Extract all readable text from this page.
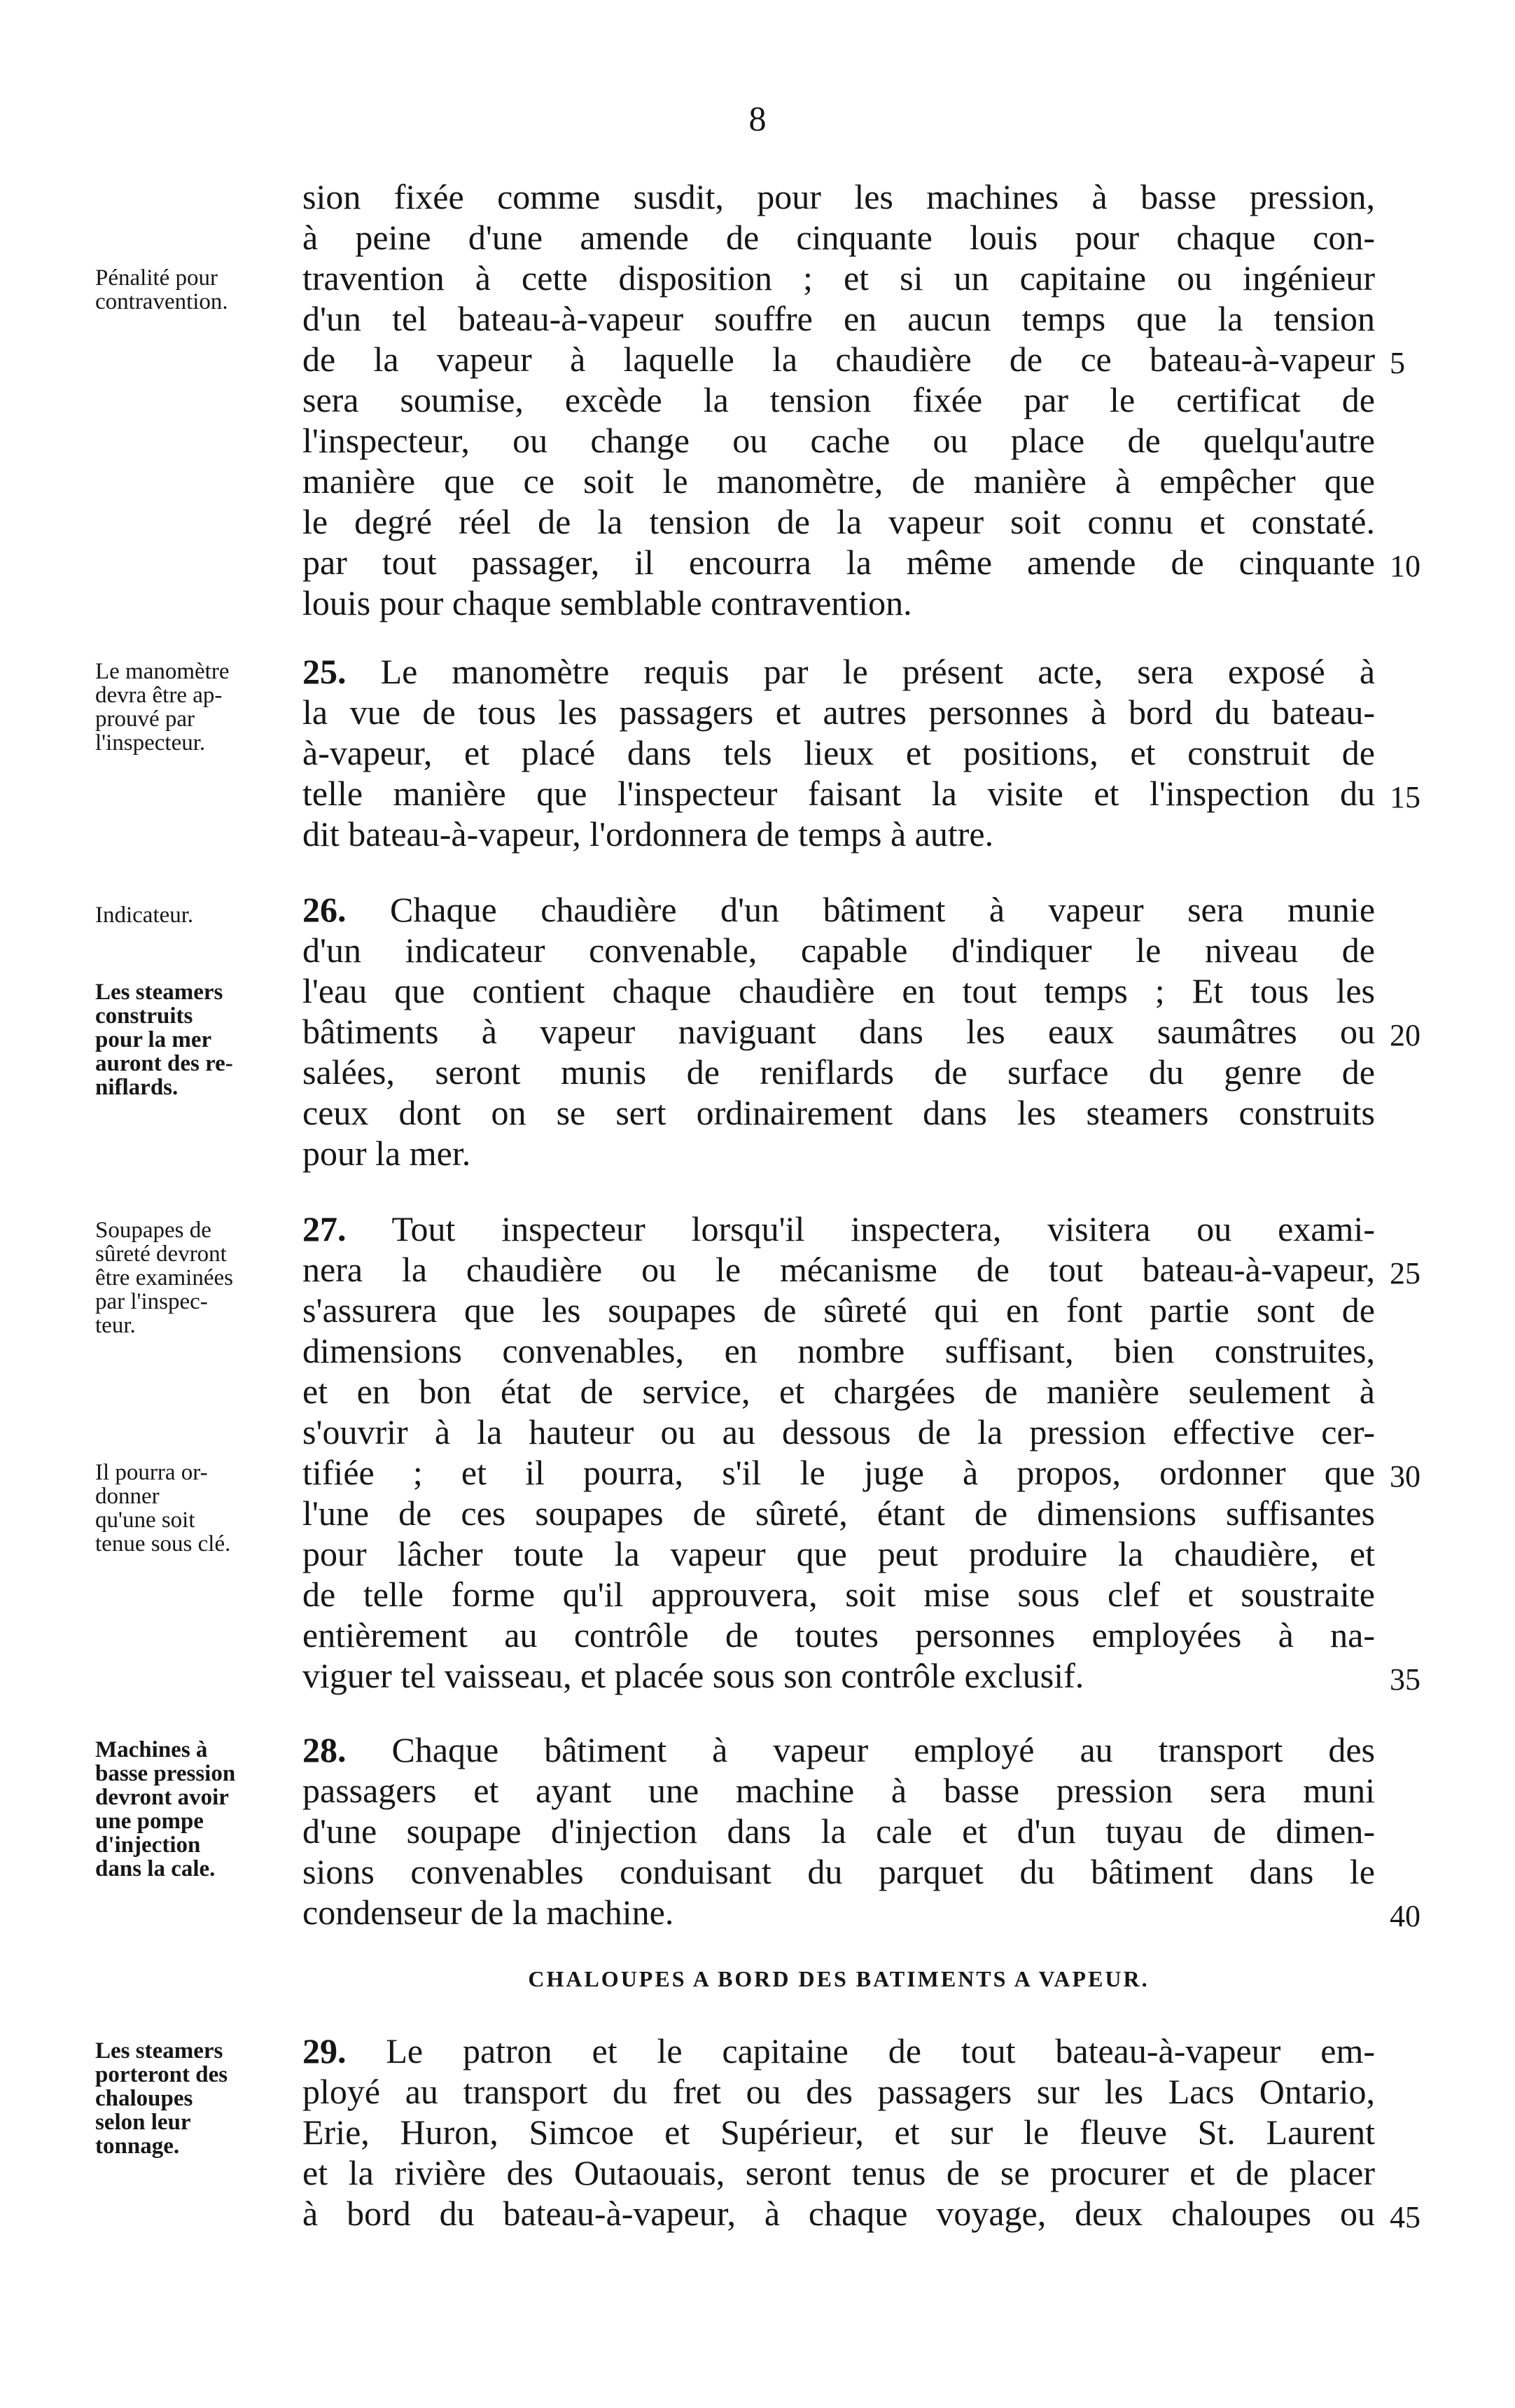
8
sion fixée comme susdit, pour les machines à basse pression,
à peine d'une amende de cinquante louis pour chaque con-
travention à cette disposition ; et si un capitaine ou ingénieur
d'un tel bateau-à-vapeur souffre en aucun temps que la tension
de la vapeur à laquelle la chaudière de ce bateau-à-vapeur 5
sera soumise, excède la tension fixée par le certificat de
l'inspecteur, ou change ou cache ou place de quelqu'autre
manière que ce soit le manomètre, de manière à empêcher que
le degré réel de la tension de la vapeur soit connu et constaté.
par tout passager, il encourra la même amende de cinquante 10
louis pour chaque semblable contravention.
Pénalité pour
contravention.
25. Le manomètre requis par le présent acte, sera exposé à
la vue de tous les passagers et autres personnes à bord du bateau-
à-vapeur, et placé dans tels lieux et positions, et construit de
telle manière que l'inspecteur faisant la visite et l'inspection du 15
dit bateau-à-vapeur, l'ordonnera de temps à autre.
Le manomètre
devra être ap-
prouvé par
l'inspecteur.
26. Chaque chaudière d'un bâtiment à vapeur sera munie
d'un indicateur convenable, capable d'indiquer le niveau de
l'eau que contient chaque chaudière en tout temps ; Et tous les
bâtiments à vapeur naviguant dans les eaux saumâtres ou 20
salées, seront munis de reniflards de surface du genre de
ceux dont on se sert ordinairement dans les steamers construits
pour la mer.
Indicateur.
Les steamers
construits
pour la mer
auront des re-
niflards.
27. Tout inspecteur lorsqu'il inspectera, visitera ou exami-
nera la chaudière ou le mécanisme de tout bateau-à-vapeur, 25
s'assurera que les soupapes de sûreté qui en font partie sont de
dimensions convenables, en nombre suffisant, bien construites,
et en bon état de service, et chargées de manière seulement à
s'ouvrir à la hauteur ou au dessous de la pression effective cer-
tifiée ; et il pourra, s'il le juge à propos, ordonner que 30
l'une de ces soupapes de sûreté, étant de dimensions suffisantes
pour lâcher toute la vapeur que peut produire la chaudière, et
de telle forme qu'il approuvera, soit mise sous clef et soustraite
entièrement au contrôle de toutes personnes employées à na-
viguer tel vaisseau, et placée sous son contrôle exclusif.	35
Soupapes de
sûreté devront
être examinées
par l'inspec-
teur.
Il pourra or-
donner
qu'une soit
tenue sous clé.
28. Chaque bâtiment à vapeur employé au transport des
passagers et ayant une machine à basse pression sera muni
d'une soupape d'injection dans la cale et d'un tuyau de dimen-
sions convenables conduisant du parquet du bâtiment dans le
condenseur de la machine.	40
Machines à
basse pression
devront avoir
une pompe
d'injection
dans la cale.
CHALOUPES A BORD DES BATIMENTS A VAPEUR.
29. Le patron et le capitaine de tout bateau-à-vapeur em-
ployé au transport du fret ou des passagers sur les Lacs Ontario,
Erie, Huron, Simcoe et Supérieur, et sur le fleuve St. Laurent
et la rivière des Outaouais, seront tenus de se procurer et de placer
à bord du bateau-à-vapeur, à chaque voyage, deux chaloupes ou 45
Les steamers
porteront des
chaloupes
selon leur
tonnage.
